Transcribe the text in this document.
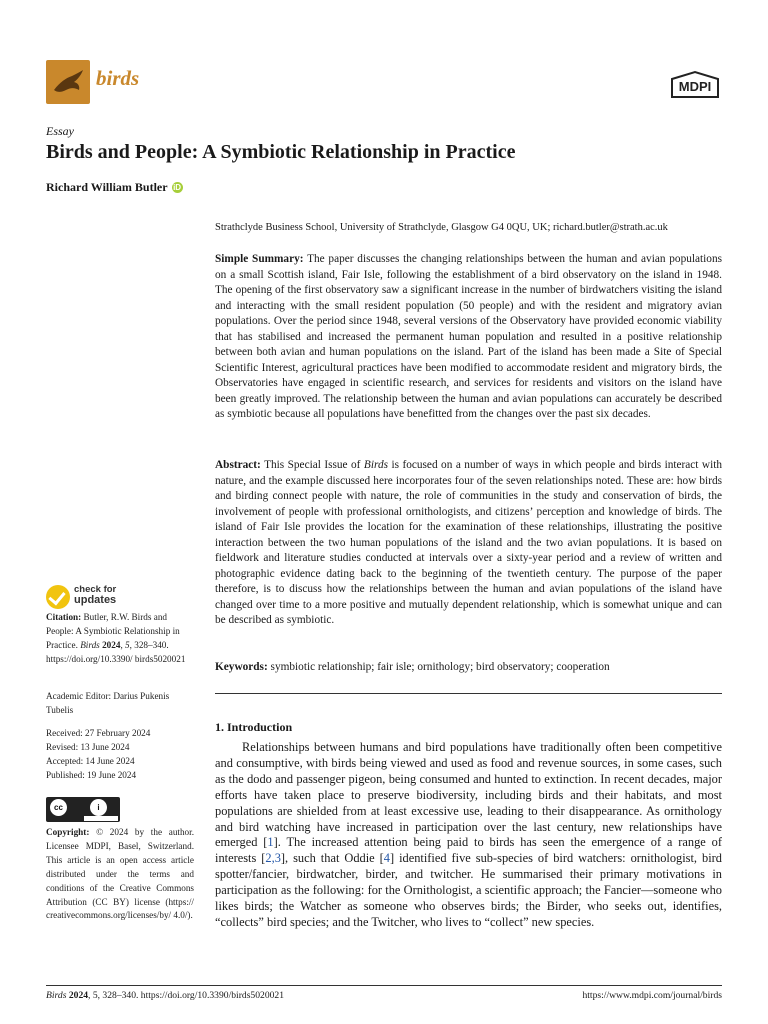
birds	MDPI
Essay
Birds and People: A Symbiotic Relationship in Practice
Richard William Butler iD
Strathclyde Business School, University of Strathclyde, Glasgow G4 0QU, UK; richard.butler@strath.ac.uk
Simple Summary: The paper discusses the changing relationships between the human and avian populations on a small Scottish island, Fair Isle, following the establishment of a bird observatory on the island in 1948. The opening of the first observatory saw a significant increase in the number of birdwatchers visiting the island and interacting with the small resident population (50 people) and with the resident and migratory avian populations. Over the period since 1948, several versions of the Observatory have provided economic viability that has stabilised and increased the permanent human population and resulted in a positive relationship between both avian and human populations on the island. Part of the island has been made a Site of Special Scientific Interest, agricultural practices have been modified to accommodate resident and migratory birds, the Observatories have engaged in scientific research, and services for residents and visitors on the island have been greatly improved. The relationship between the human and avian populations can accurately be described as symbiotic because all populations have benefitted from the changes over the past six decades.
Abstract: This Special Issue of Birds is focused on a number of ways in which people and birds interact with nature, and the example discussed here incorporates four of the seven relationships noted. These are: how birds and birding connect people with nature, the role of communities in the study and conservation of birds, the involvement of people with professional ornithologists, and citizens’ perception and knowledge of birds. The island of Fair Isle provides the location for the examination of these relationships, illustrating the positive interaction between the two human populations of the island and the two avian populations. It is based on fieldwork and literature studies conducted at intervals over a sixty-year period and a review of written and photographic evidence dating back to the beginning of the twentieth century. The purpose of the paper therefore, is to discuss how the relationships between the human and avian populations of the island have changed over time to a more positive and mutually dependent relationship, which is somewhat unique and can be described as symbiotic.
Keywords: symbiotic relationship; fair isle; ornithology; bird observatory; cooperation
1. Introduction
Relationships between humans and bird populations have traditionally often been competitive and consumptive, with birds being viewed and used as food and revenue sources, in some cases, such as the dodo and passenger pigeon, being consumed and hunted to extinction. In recent decades, major efforts have taken place to preserve biodiversity, including birds and their habitats, and most populations are shielded from at least excessive use, leading to their disappearance. As ornithology and bird watching have increased in participation over the last century, new relationships have emerged [1]. The increased attention being paid to birds has seen the emergence of a range of interests [2,3], such that Oddie [4] identified five sub-species of bird watchers: ornithologist, bird spotter/fancier, birdwatcher, birder, and twitcher. He summarised their primary motivations in participation as the following: for the Ornithologist, a scientific approach; the Fancier—someone who likes birds; the Watcher as someone who observes birds; the Birder, who seeks out, identifies, “collects” bird species; and the Twitcher, who lives to “collect” new species.
check for
updates
Citation: Butler, R.W. Birds and People: A Symbiotic Relationship in Practice. Birds 2024, 5, 328–340. https://doi.org/10.3390/ birds5020021
Academic Editor: Darius Pukenis Tubelis
Received: 27 February 2024
Revised: 13 June 2024
Accepted: 14 June 2024
Published: 19 June 2024
cc	i
Copyright: © 2024 by the author. Licensee MDPI, Basel, Switzerland. This article is an open access article distributed under the terms and conditions of the Creative Commons Attribution (CC BY) license (https:// creativecommons.org/licenses/by/ 4.0/).
Birds 2024, 5, 328–340. https://doi.org/10.3390/birds5020021	https://www.mdpi.com/journal/birds
